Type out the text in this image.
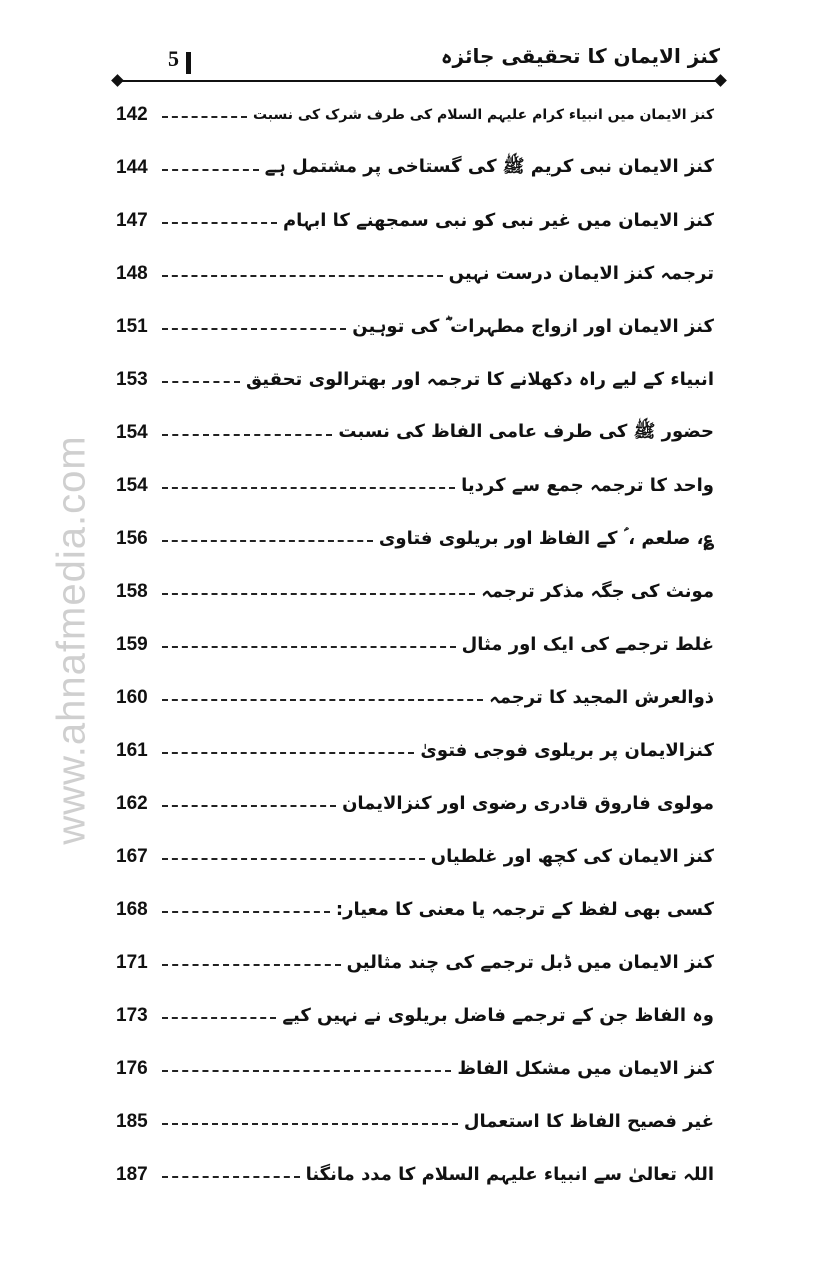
www.ahnafmedia.com
5	کنز الایمان کا تحقیقی جائزہ
142	کنز الایمان میں انبیاء کرام علیہم السلام کی طرف شرک کی نسبت
144	کنز الایمان نبی کریم ﷺ کی گستاخی پر مشتمل ہے
147	کنز الایمان میں غیر نبی کو نبی سمجھنے کا ابہام
148	ترجمہ کنز الایمان درست نہیں
151	کنز الایمان اور ازواج مطہرات ؓ کی توہین
153	انبیاء کے لیے راہ دکھلانے کا ترجمہ اور بھترالوی تحقیق
154	حضور ﷺ کی طرف عامی الفاظ کی نسبت
154	واحد کا ترجمہ جمع سے کردیا
156	؏، صلعم ، ؑ کے الفاظ اور بریلوی فتاوی
158	مونث کی جگہ مذکر ترجمہ
159	غلط ترجمے کی ایک اور مثال
160	ذوالعرش المجید کا ترجمہ
161	کنزالایمان پر بریلوی فوجی فتویٰ
162	مولوی فاروق قادری رضوی اور کنزالایمان
167	کنز الایمان کی کچھ اور غلطیاں
168	کسی بھی لفظ کے ترجمہ یا معنی کا معیار:
171	کنز الایمان میں ڈبل ترجمے کی چند مثالیں
173	وہ الفاظ جن کے ترجمے فاضل بریلوی نے نہیں کیے
176	کنز الایمان میں مشکل الفاظ
185	غیر فصیح الفاظ کا استعمال
187	اللہ تعالیٰ سے انبیاء علیہم السلام کا مدد مانگنا
